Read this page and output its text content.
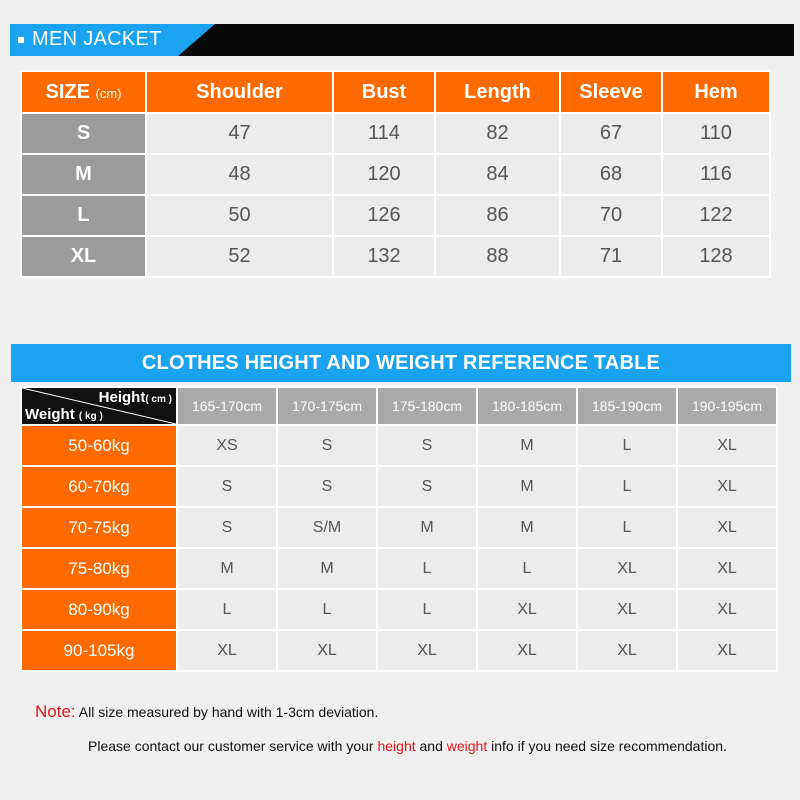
MEN JACKET
SIZE (cm)	Shoulder	Bust	Length	Sleeve	Hem
S	47	114	82	67	110
M	48	120	84	68	116
L	50	126	86	70	122
XL	52	132	88	71	128
CLOTHES HEIGHT AND WEIGHT REFERENCE TABLE
Height( cm )
Weight ( kg )	165-170cm	170-175cm	175-180cm	180-185cm	185-190cm	190-195cm
50-60kg	XS	S	S	M	L	XL
60-70kg	S	S	S	M	L	XL
70-75kg	S	S/M	M	M	L	XL
75-80kg	M	M	L	L	XL	XL
80-90kg	L	L	L	XL	XL	XL
90-105kg	XL	XL	XL	XL	XL	XL
Note: All size measured by hand with 1-3cm deviation.
Please contact our customer service with your height and weight info if you need size recommendation.
